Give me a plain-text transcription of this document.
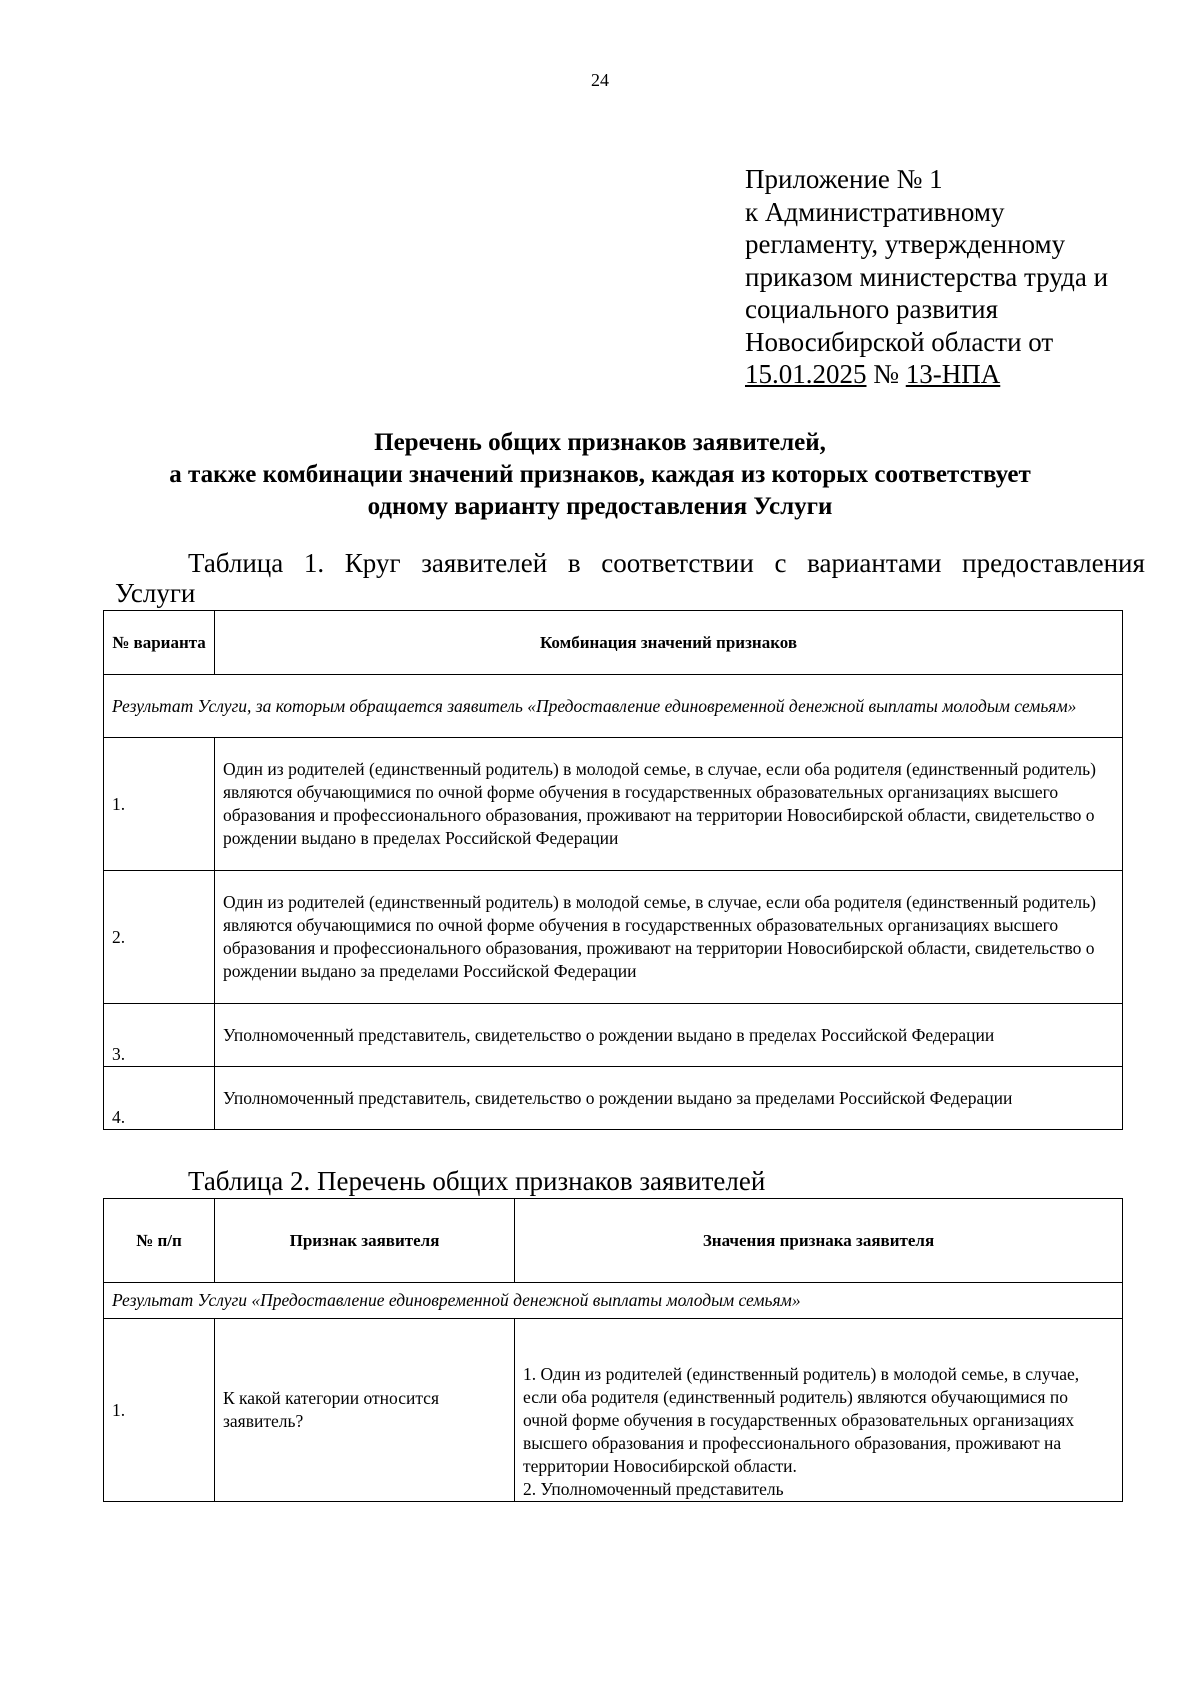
24
Приложение № 1
к Административному
регламенту, утвержденному
приказом министерства труда и
социального развития
Новосибирской области от
15.01.2025 № 13-НПА
Перечень общих признаков заявителей,
а также комбинации значений признаков, каждая из которых соответствует
одному варианту предоставления Услуги
Таблица 1. Круг заявителей в соответствии с вариантами предоставления
Услуги
№ варианта	Комбинация значений признаков
Результат Услуги, за которым обращается заявитель «Предоставление единовременной денежной выплаты молодым семьям»	
1.	Один из родителей (единственный родитель) в молодой семье, в случае, если оба родителя (единственный родитель) являются обучающимися по очной форме обучения в государственных образовательных организациях высшего образования и профессионального образования, проживают на территории Новосибирской области, свидетельство о рождении выдано в пределах Российской Федерации
2.	Один из родителей (единственный родитель) в молодой семье, в случае, если оба родителя (единственный родитель) являются обучающимися по очной форме обучения в государственных образовательных организациях высшего образования и профессионального образования, проживают на территории Новосибирской области, свидетельство о рождении выдано за пределами Российской Федерации
3.	Уполномоченный представитель, свидетельство о рождении выдано в пределах Российской Федерации
4.	Уполномоченный представитель, свидетельство о рождении выдано за пределами Российской Федерации
Таблица 2. Перечень общих признаков заявителей
№ п/п	Признак заявителя	Значения признака заявителя
Результат Услуги «Предоставление единовременной денежной выплаты молодым семьям»		
1.	К какой категории относится заявитель?	1. Один из родителей (единственный родитель) в молодой семье, в случае, если оба родителя (единственный родитель) являются обучающимися по очной форме обучения в государственных образовательных организациях высшего образования и профессионального образования, проживают на территории Новосибирской области.
2. Уполномоченный представитель
